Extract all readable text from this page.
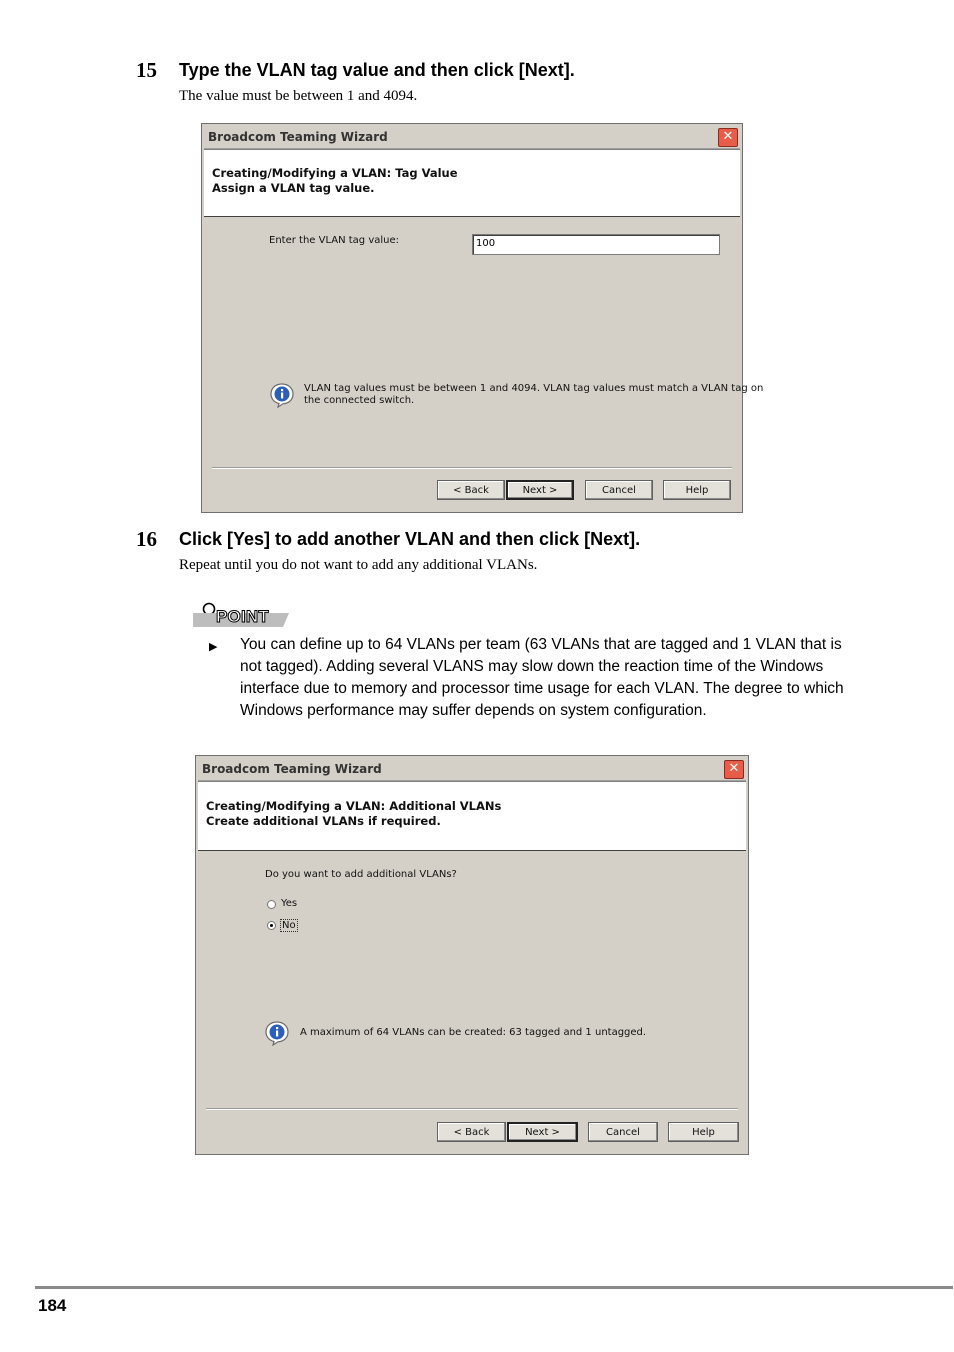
15 Type the VLAN tag value and then click [Next].
The value must be between 1 and 4094.
Broadcom Teaming Wizard	✕
Creating/Modifying a VLAN: Tag Value
Assign a VLAN tag value.
Enter the VLAN tag value:	100
VLAN tag values must be between 1 and 4094. VLAN tag values must match a VLAN tag on
the connected switch.
< Back	Next >	Cancel	Help
16 Click [Yes] to add another VLAN and then click [Next].
Repeat until you do not want to add any additional VLANs.
POINT
▶ You can define up to 64 VLANs per team (63 VLANs that are tagged and 1 VLAN that is not tagged). Adding several VLANS may slow down the reaction time of the Windows interface due to memory and processor time usage for each VLAN. The degree to which Windows performance may suffer depends on system configuration.
Broadcom Teaming Wizard	✕
Creating/Modifying a VLAN: Additional VLANs
Create additional VLANs if required.
Do you want to add additional VLANs?
Yes
No
A maximum of 64 VLANs can be created: 63 tagged and 1 untagged.
< Back	Next >	Cancel	Help
184
